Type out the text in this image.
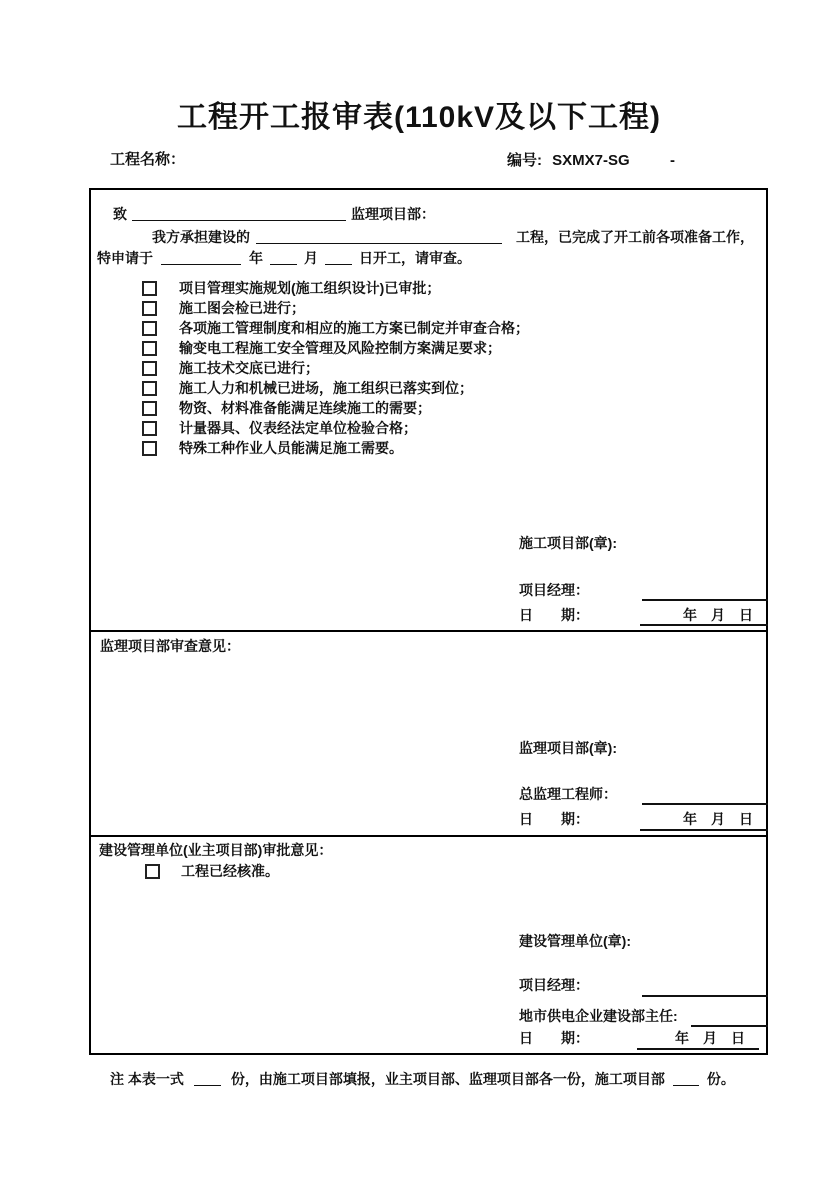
工程开工报审表(110kV及以下工程)
工程名称：	编号: SXMX7-SG	-
致	监理项目部：
我方承担建设的	工程，已完成了开工前各项准备工作，
特申请于	年	月	日开工，请审查。
项目管理实施规划(施工组织设计)已审批；
施工图会检已进行；
各项施工管理制度和相应的施工方案已制定并审查合格；
输变电工程施工安全管理及风险控制方案满足要求；
施工技术交底已进行；
施工人力和机械已进场，施工组织已落实到位；
物资、材料准备能满足连续施工的需要；
计量器具、仪表经法定单位检验合格；
特殊工种作业人员能满足施工需要。
施工项目部(章):
项目经理：
日　　期：	年　月　日
监理项目部审查意见：
监理项目部(章):
总监理工程师：
日　　期：	年　月　日
建设管理单位(业主项目部)审批意见：
工程已经核准。
建设管理单位(章):
项目经理：
地市供电企业建设部主任:
日　　期：	年　月　日
注 本表一式	份，由施工项目部填报，业主项目部、监理项目部各一份，施工项目部	份。
